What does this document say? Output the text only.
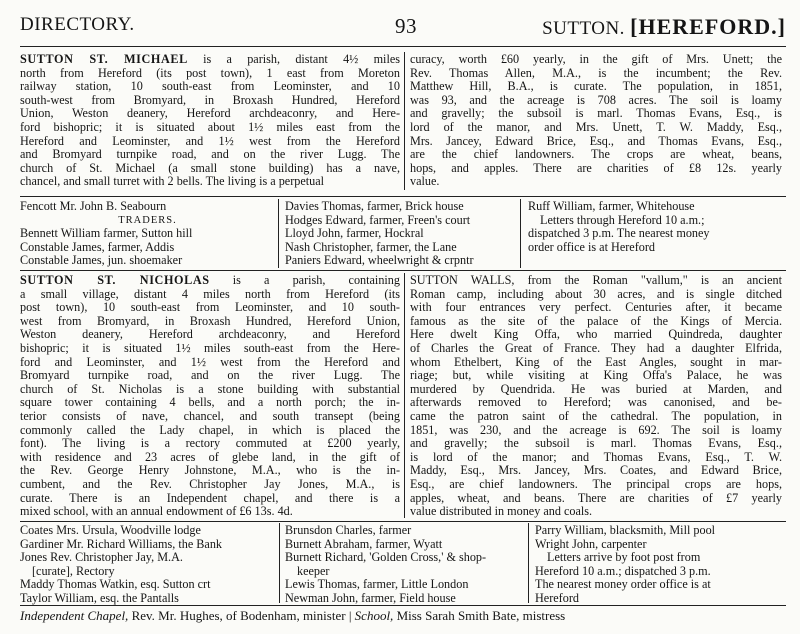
DIRECTORY.	93	SUTTON. [HEREFORD.]

SUTTON ST. MICHAEL is a parish, distant 4½ miles

north from Hereford (its post town), 1 east from Moreton

railway station, 10 south-east from Leominster, and 10

south-west from Bromyard, in Broxash Hundred, Hereford

Union, Weston deanery, Hereford archdeaconry, and Here-

ford bishopric; it is situated about 1½ miles east from the

Hereford and Leominster, and 1½ west from the Hereford

and Bromyard turnpike road, and on the river Lugg. The

church of St. Michael (a small stone building) has a nave,

chancel, and small turret with 2 bells. The living is a perpetual

curacy, worth £60 yearly, in the gift of Mrs. Unett; the

Rev. Thomas Allen, M.A., is the incumbent; the Rev.

Matthew Hill, B.A., is curate. The population, in 1851,

was 93, and the acreage is 708 acres. The soil is loamy

and gravelly; the subsoil is marl. Thomas Evans, Esq., is

lord of the manor, and Mrs. Unett, T. W. Maddy, Esq.,

Mrs. Jancey, Edward Brice, Esq., and Thomas Evans, Esq.,

are the chief landowners. The crops are wheat, beans,

hops, and apples. There are charities of £8 12s. yearly

value.

Fencott Mr. John B. Seabourn
TRADERS.
Bennett William farmer, Sutton hill
Constable James, farmer, Addis
Constable James, jun. shoemaker
Davies Thomas, farmer, Brick house
Hodges Edward, farmer, Freen's court
Lloyd John, farmer, Hockral
Nash Christopher, farmer, the Lane
Paniers Edward, wheelwright & crpntr
Ruff William, farmer, Whitehouse
Letters through Hereford 10 a.m.;
dispatched 3 p.m. The nearest money
order office is at Hereford

SUTTON ST. NICHOLAS is a parish, containing

a small village, distant 4 miles north from Hereford (its

post town), 10 south-east from Leominster, and 10 south-

west from Bromyard, in Broxash Hundred, Hereford Union,

Weston deanery, Hereford archdeaconry, and Hereford

bishopric; it is situated 1½ miles south-east from the Here-

ford and Leominster, and 1½ west from the Hereford and

Bromyard turnpike road, and on the river Lugg. The

church of St. Nicholas is a stone building with substantial

square tower containing 4 bells, and a north porch; the in-

terior consists of nave, chancel, and south transept (being

commonly called the Lady chapel, in which is placed the

font). The living is a rectory commuted at £200 yearly,

with residence and 23 acres of glebe land, in the gift of

the Rev. George Henry Johnstone, M.A., who is the in-

cumbent, and the Rev. Christopher Jay Jones, M.A., is

curate. There is an Independent chapel, and there is a

mixed school, with an annual endowment of £6 13s. 4d.

SUTTON WALLS, from the Roman "vallum," is an ancient

Roman camp, including about 30 acres, and is single ditched

with four entrances very perfect. Centuries after, it became

famous as the site of the palace of the Kings of Mercia.

Here dwelt King Offa, who married Quindreda, daughter

of Charles the Great of France. They had a daughter Elfrida,

whom Ethelbert, King of the East Angles, sought in mar-

riage; but, while visiting at King Offa's Palace, he was

murdered by Quendrida. He was buried at Marden, and

afterwards removed to Hereford; was canonised, and be-

came the patron saint of the cathedral. The population, in

1851, was 230, and the acreage is 692. The soil is loamy

and gravelly; the subsoil is marl. Thomas Evans, Esq.,

is lord of the manor; and Thomas Evans, Esq., T. W.

Maddy, Esq., Mrs. Jancey, Mrs. Coates, and Edward Brice,

Esq., are chief landowners. The principal crops are hops,

apples, wheat, and beans. There are charities of £7 yearly

value distributed in money and coals.

Coates Mrs. Ursula, Woodville lodge
Gardiner Mr. Richard Williams, the Bank
Jones Rev. Christopher Jay, M.A.
[curate], Rectory
Maddy Thomas Watkin, esq. Sutton crt
Taylor William, esq. the Pantalls
Brunsdon Charles, farmer
Burnett Abraham, farmer, Wyatt
Burnett Richard, 'Golden Cross,' & shop-
keeper
Lewis Thomas, farmer, Little London
Newman John, farmer, Field house
Parry William, blacksmith, Mill pool
Wright John, carpenter
Letters arrive by foot post from
Hereford 10 a.m.; dispatched 3 p.m.
The nearest money order office is at
Hereford
Independent Chapel, Rev. Mr. Hughes, of Bodenham, minister | School, Miss Sarah Smith Bate, mistress
